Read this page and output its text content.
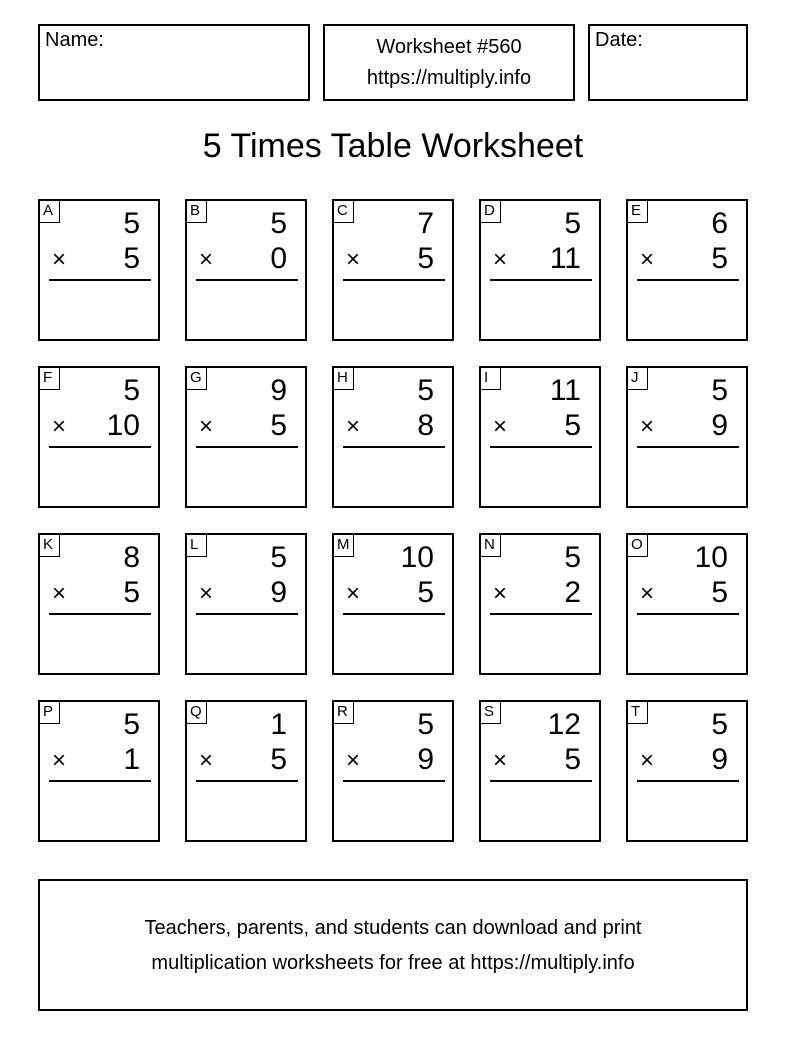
Name:	Worksheet #560
https://multiply.info
Date:
5 Times Table Worksheet
A 5
× 5
B 5
× 0
C 7
× 5
D 5
× 11
E 6
× 5
F 5
× 10
G 9
× 5
H 5
× 8
I	11
× 5
J	5
× 9
K 8
× 5
L 5
× 9
M 10
× 5
N 5
× 2
O 10
× 5
P 5
× 1
Q 1
× 5
R 5
× 9
S 12
× 5
T 5
× 9
Teachers, parents, and students can download and print
multiplication worksheets for free at https://multiply.info
